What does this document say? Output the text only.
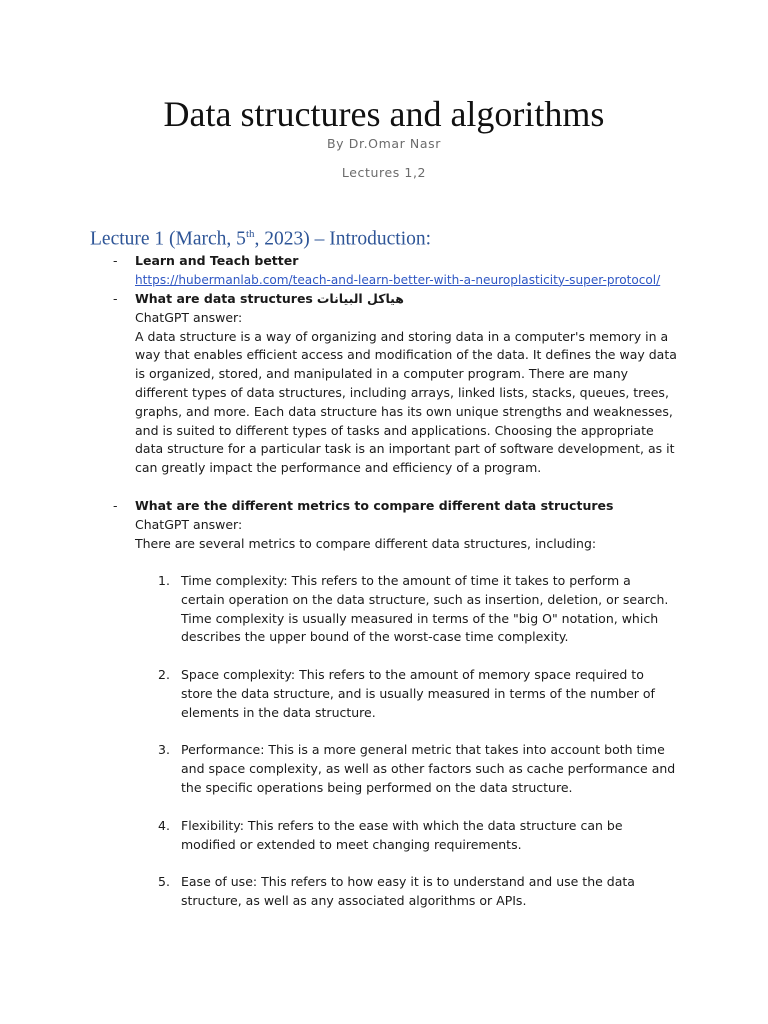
Data structures and algorithms
By Dr.Omar Nasr
Lectures 1,2
Lecture 1 (March, 5th, 2023) – Introduction:
- Learn and Teach better
https://hubermanlab.com/teach-and-learn-better-with-a-neuroplasticity-super-protocol/
- What are data structures هياكل البيانات
ChatGPT answer:
A data structure is a way of organizing and storing data in a computer's memory in a way that enables efficient access and modification of the data. It defines the way data is organized, stored, and manipulated in a computer program. There are many different types of data structures, including arrays, linked lists, stacks, queues, trees, graphs, and more. Each data structure has its own unique strengths and weaknesses, and is suited to different types of tasks and applications. Choosing the appropriate data structure for a particular task is an important part of software development, as it can greatly impact the performance and efficiency of a program.
- What are the different metrics to compare different data structures
ChatGPT answer:
There are several metrics to compare different data structures, including:
1. Time complexity: This refers to the amount of time it takes to perform a certain operation on the data structure, such as insertion, deletion, or search. Time complexity is usually measured in terms of the "big O" notation, which describes the upper bound of the worst-case time complexity.
2. Space complexity: This refers to the amount of memory space required to store the data structure, and is usually measured in terms of the number of elements in the data structure.
3. Performance: This is a more general metric that takes into account both time and space complexity, as well as other factors such as cache performance and the specific operations being performed on the data structure.
4. Flexibility: This refers to the ease with which the data structure can be modified or extended to meet changing requirements.
5. Ease of use: This refers to how easy it is to understand and use the data structure, as well as any associated algorithms or APIs.
